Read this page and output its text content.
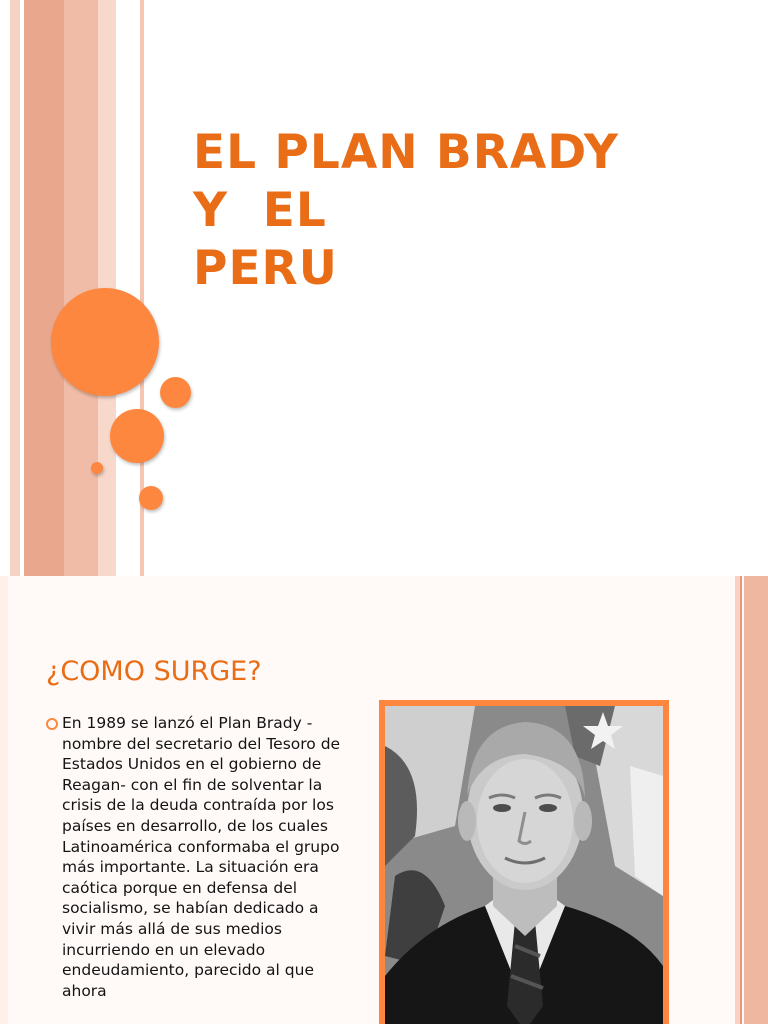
EL PLAN BRADY
Y  EL
PERU
¿COMO SURGE?

En 1989 se lanzó el Plan Brady -nombre del secretario del Tesoro de Estados Unidos en el gobierno de Reagan- con el fin de solventar la crisis de la deuda contraída por los países en desarrollo, de los cuales Latinoamérica conformaba el grupo más importante. La situación era caótica porque en defensa del socialismo, se habían dedicado a vivir más allá de sus medios incurriendo en un elevado endeudamiento, parecido al que ahora
